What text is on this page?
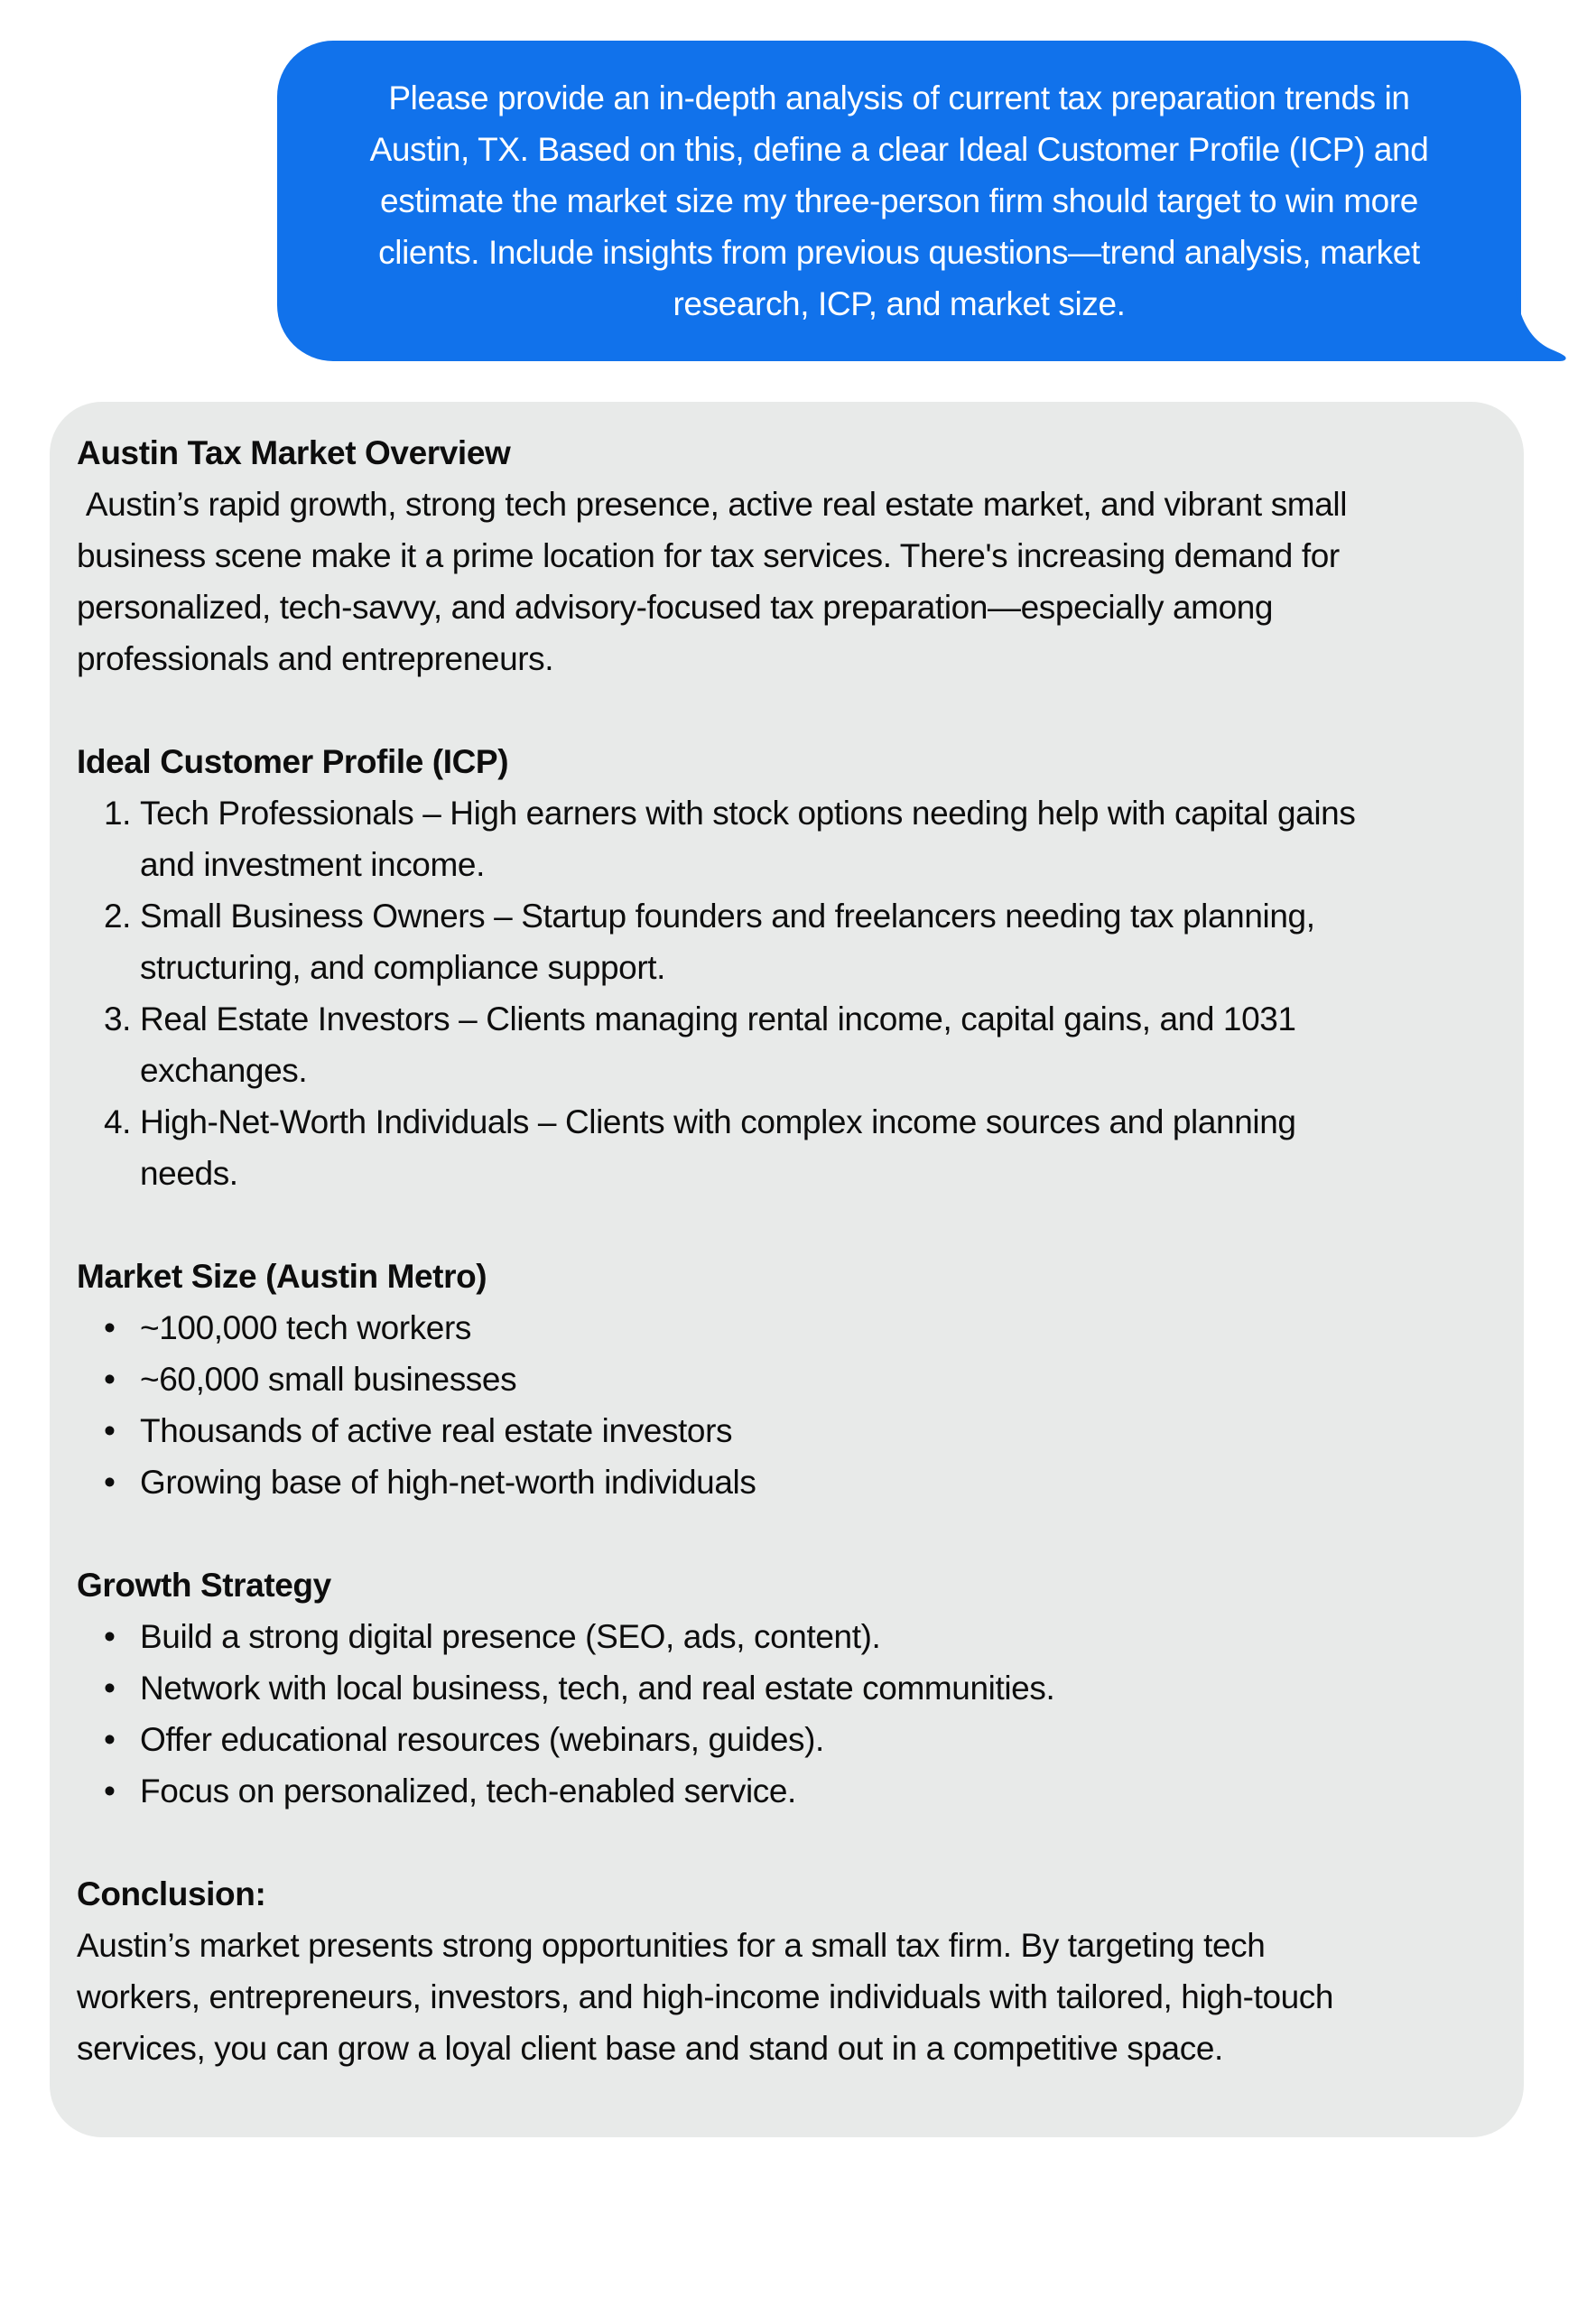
Please provide an in-depth analysis of current tax preparation trends in Austin, TX. Based on this, define a clear Ideal Customer Profile (ICP) and estimate the market size my three-person firm should target to win more clients. Include insights from previous questions—trend analysis, market research, ICP, and market size.

Austin Tax Market Overview

Austin’s rapid growth, strong tech presence, active real estate market, and vibrant small business scene make it a prime location for tax services. There's increasing demand for personalized, tech-savvy, and advisory-focused tax preparation—especially among professionals and entrepreneurs.

Ideal Customer Profile (ICP)
1. Tech Professionals – High earners with stock options needing help with capital gains and investment income.
2. Small Business Owners – Startup founders and freelancers needing tax planning, structuring, and compliance support.
3. Real Estate Investors – Clients managing rental income, capital gains, and 1031 exchanges.
4. High-Net-Worth Individuals – Clients with complex income sources and planning needs.
Market Size (Austin Metro)
• ~100,000 tech workers
• ~60,000 small businesses
• Thousands of active real estate investors
• Growing base of high-net-worth individuals
Growth Strategy
• Build a strong digital presence (SEO, ads, content).
• Network with local business, tech, and real estate communities.
• Offer educational resources (webinars, guides).
• Focus on personalized, tech-enabled service.
Conclusion:

Austin’s market presents strong opportunities for a small tax firm. By targeting tech workers, entrepreneurs, investors, and high-income individuals with tailored, high-touch services, you can grow a loyal client base and stand out in a competitive space.
